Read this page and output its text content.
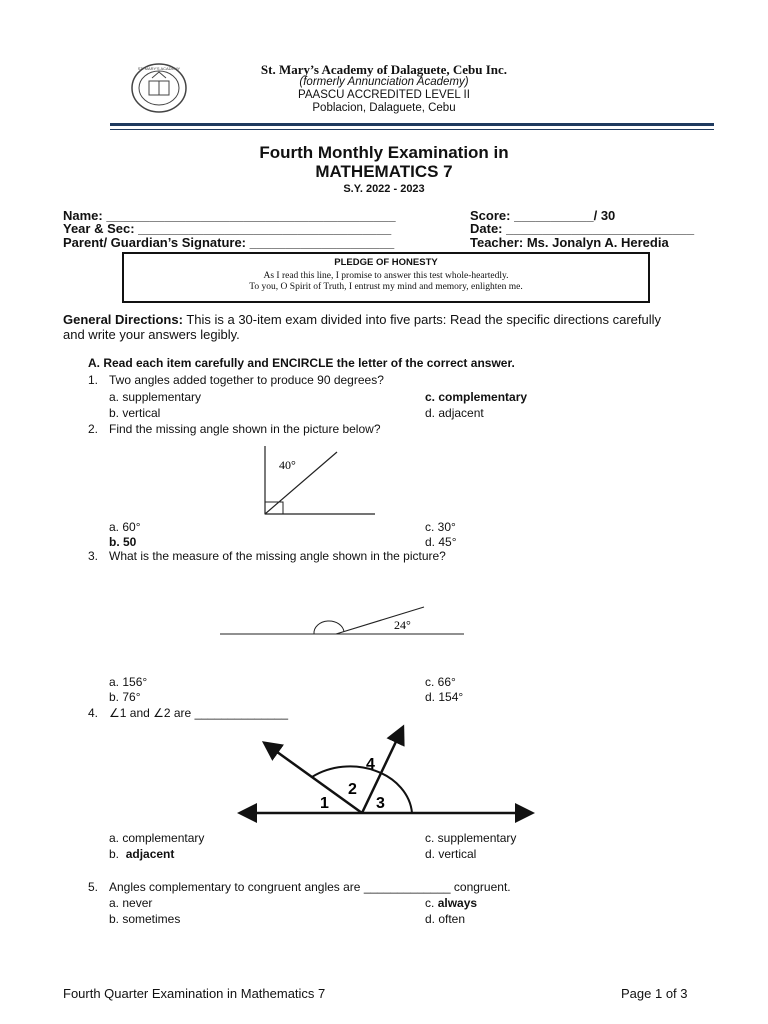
ST. MARY'S ACADEMY	St. Mary’s Academy of Dalaguete, Cebu Inc.
(formerly Annunciation Academy)
PAASCU ACCREDITED LEVEL II
Poblacion, Dalaguete, Cebu
Fourth Monthly Examination in
MATHEMATICS 7
S.Y. 2022 - 2023
Name: ________________________________________
Year & Sec: ___________________________________
Parent/ Guardian’s Signature: ____________________
Score: ___________/ 30
Date: __________________________
Teacher: Ms. Jonalyn A. Heredia
PLEDGE OF HONESTY
As I read this line, I promise to answer this test whole-heartedly.
To you, O Spirit of Truth, I entrust my mind and memory, enlighten me.
General Directions: This is a 30-item exam divided into five parts: Read the specific directions carefully
and write your answers legibly.
A. Read each item carefully and ENCIRCLE the letter of the correct answer.
1. Two angles added together to produce 90 degrees?
a. supplementary
b. vertical
c. complementary
d. adjacent
2. Find the missing angle shown in the picture below?
40°
a. 60°
b. 50
c. 30°
d. 45°
3. What is the measure of the missing angle shown in the picture?
24°
a. 156°
b. 76°
c. 66°
d. 154°
4. ∠1 and ∠2 are ______________
1
2
3
4
a. complementary
b. adjacent
c. supplementary
d. vertical
5. Angles complementary to congruent angles are _____________ congruent.
a. never
b. sometimes
c. always
d. often
Fourth Quarter Examination in Mathematics 7	Page 1 of 3
